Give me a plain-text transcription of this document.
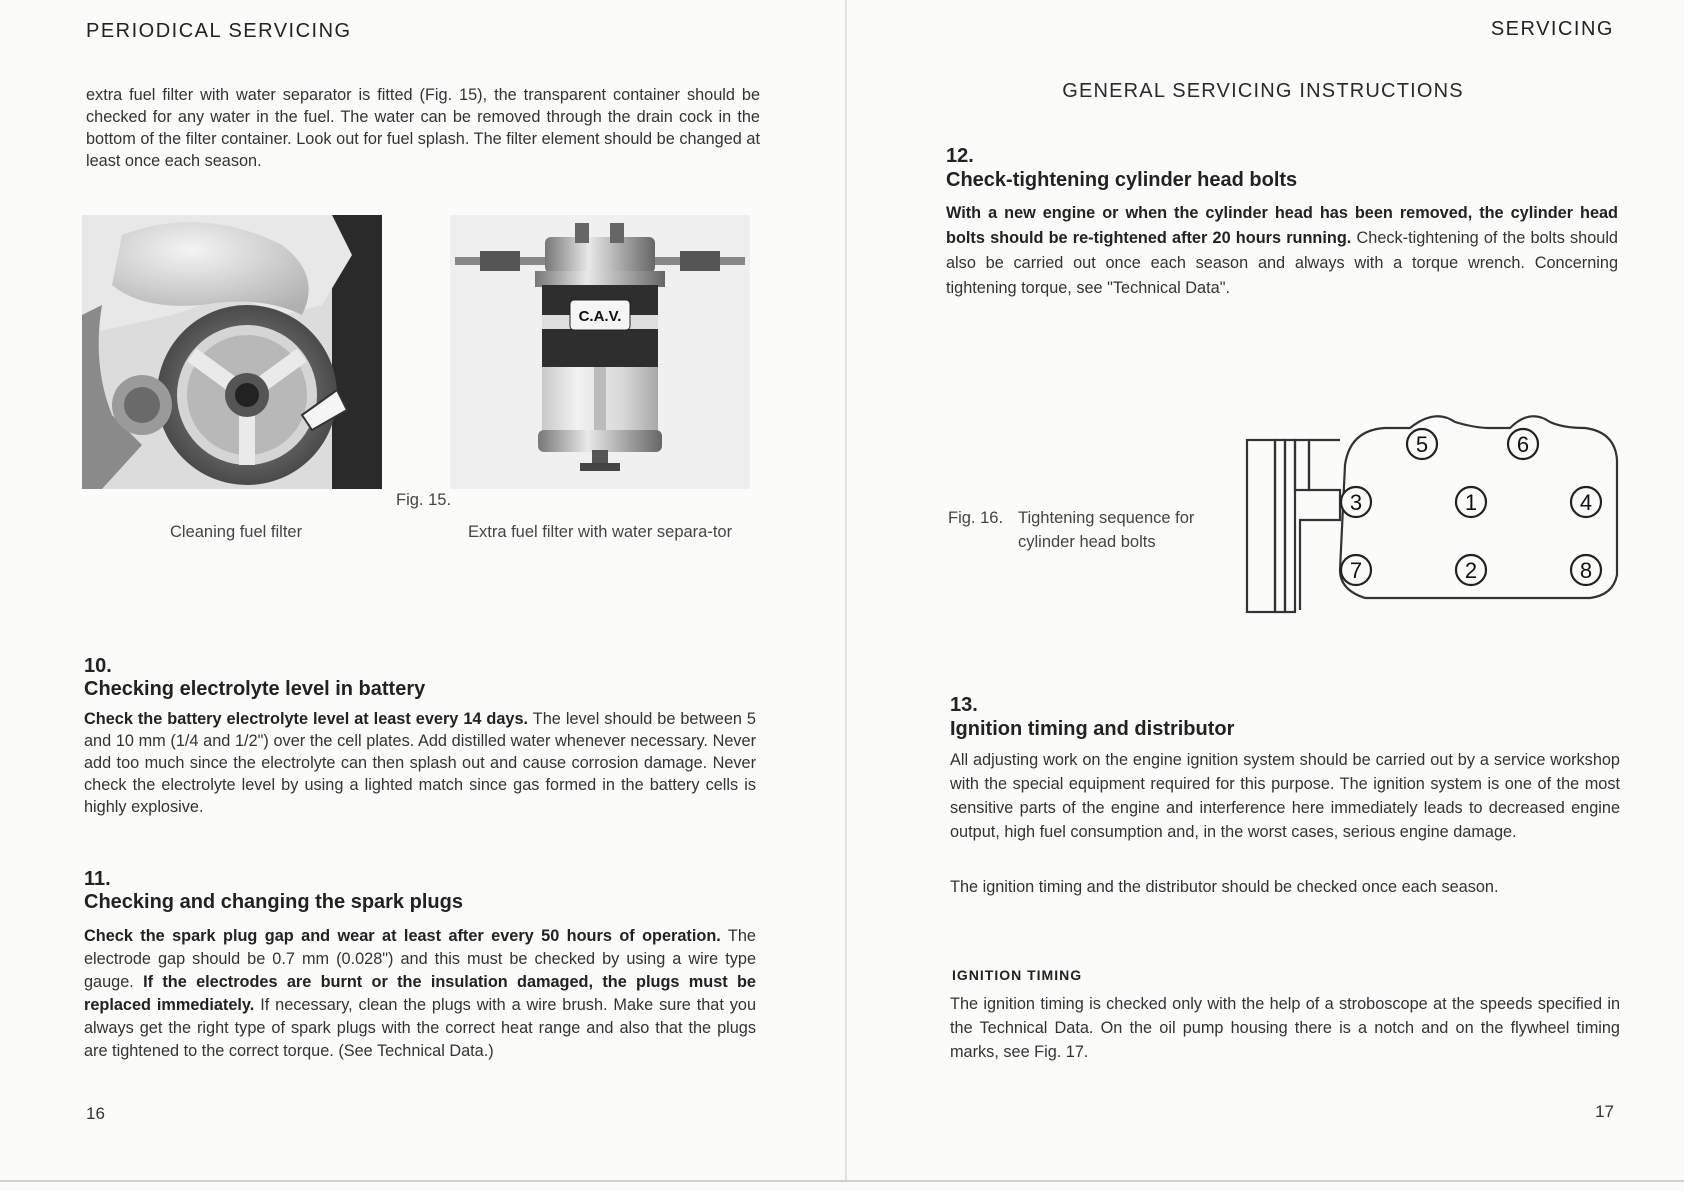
PERIODICAL SERVICING
extra fuel filter with water separator is fitted (Fig. 15), the transparent container should be checked for any water in the fuel. The water can be removed through the drain cock in the bottom of the filter container. Look out for fuel splash. The filter element should be changed at least once each season.
C.A.V.
Fig. 15.
Cleaning fuel filter	Extra fuel filter with water separa-tor
10.
Checking electrolyte level in battery
Check the battery electrolyte level at least every 14 days. The level should be between 5 and 10 mm (1/4 and 1/2") over the cell plates. Add distilled water whenever necessary. Never add too much since the electrolyte can then splash out and cause corrosion damage. Never check the electrolyte level by using a lighted match since gas formed in the battery cells is highly explosive.
11.
Checking and changing the spark plugs
Check the spark plug gap and wear at least after every 50 hours of operation. The electrode gap should be 0.7 mm (0.028") and this must be checked by using a wire type gauge. If the electrodes are burnt or the insulation damaged, the plugs must be replaced immediately. If necessary, clean the plugs with a wire brush. Make sure that you always get the right type of spark plugs with the correct heat range and also that the plugs are tightened to the correct torque. (See Technical Data.)
16
SERVICING
GENERAL SERVICING INSTRUCTIONS
12.
Check-tightening cylinder head bolts
With a new engine or when the cylinder head has been removed, the cylinder head bolts should be re-tightened after 20 hours running. Check-tightening of the bolts should also be carried out once each season and always with a torque wrench. Concerning tightening torque, see "Technical Data".
Fig. 16. Tightening sequence for
cylinder head bolts
13.
Ignition timing and distributor
All adjusting work on the engine ignition system should be carried out by a service workshop with the special equipment required for this purpose. The ignition system is one of the most sensitive parts of the engine and interference here immediately leads to decreased engine output, high fuel consumption and, in the worst cases, serious engine damage.
The ignition timing and the distributor should be checked once each season.
IGNITION TIMING
The ignition timing is checked only with the help of a stroboscope at the speeds specified in the Technical Data. On the oil pump housing there is a notch and on the flywheel timing marks, see Fig. 17.
17
5	6
3	1	4
7	2	8
